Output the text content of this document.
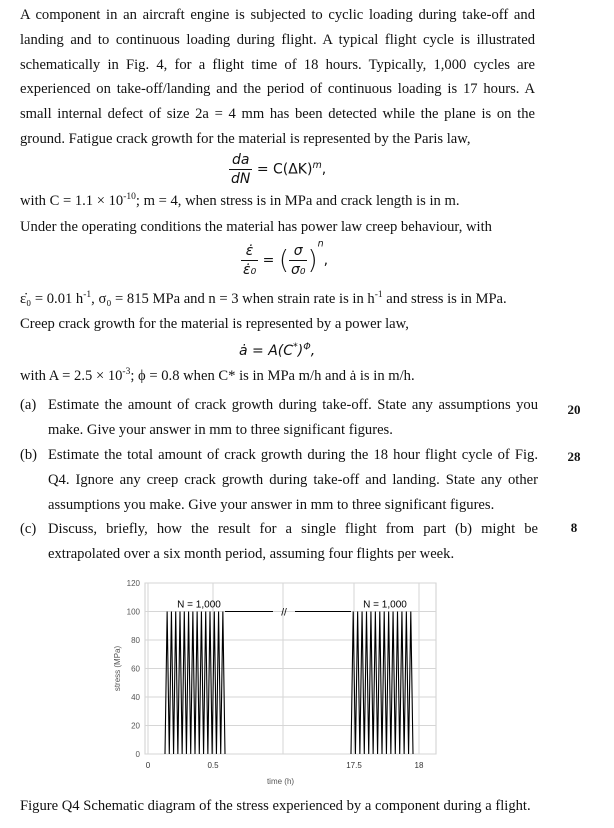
A component in an aircraft engine is subjected to cyclic loading during take-off and landing and to continuous loading during flight. A typical flight cycle is illustrated schematically in Fig. 4, for a flight time of 18 hours. Typically, 1,000 cycles are experienced on take-off/landing and the period of continuous loading is 17 hours. A small internal defect of size 2a = 4 mm has been detected while the plane is on the ground. Fatigue crack growth for the material is represented by the Paris law,
$\frac{da}{dN} = C(\Delta K)^m$,
with $C = 1.1 \times 10^{-10}$; m = 4, when stress is in MPa and crack length is in m.
Under the operating conditions the material has power law creep behaviour, with
$\frac{\varepsiloṅ}{\text{ε̇₀}}$ = ( $\frac{\sigma}{\text{σ₀}} )^n$,
ε̇₀ = 0.01 $h^{-1}$, σ₀ = 815 MPa and n = 3 when strain rate is in $h^{-1}$ and stress is in MPa.
Creep crack growth for the material is represented by a power law,
ȧ = $A(C^*)^\Phi$,
with $A = 2.5 \times 10^{-3}$; ϕ = 0.8 when C* is in MPa m/h and ȧ is in m/h.
(a) Estimate the amount of crack growth during take-off. State any assumptions you make. Give your answer in mm to three significant figures.
20
(b) Estimate the total amount of crack growth during the 18 hour flight cycle of Fig. Q4. Ignore any creep crack growth during take-off and landing. State any other assumptions you make. Give your answer in mm to three significant figures.
28
(c) Discuss, briefly, how the result for a single flight from part (b) might be extrapolated over a six month period, assuming four flights per week.
8
0
20
40
60
80
100
120
0	0.5	17.5	18
stress (MPa)
time (h)
//
N = 1,000	N = 1,000
Figure Q4 Schematic diagram of the stress experienced by a component during a flight.
